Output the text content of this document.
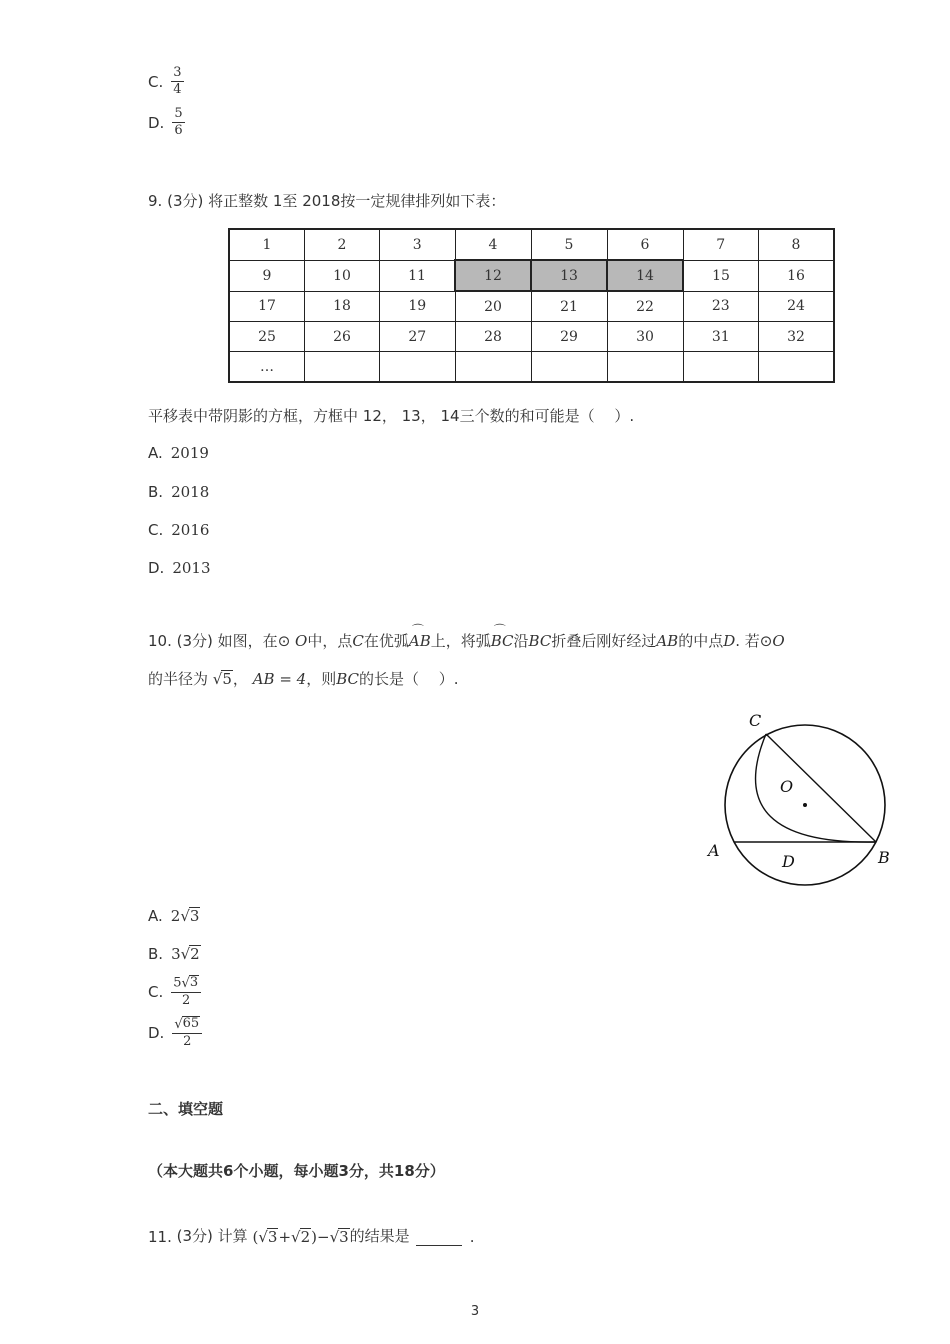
C. $\frac{3}{4}$
D. $\frac{5}{6}$
9. (3分) 将正整数 1至 2018按一定规律排列如下表：
1	2	3	4	5	6	7	8
9	10	11	12	13	14	15	16
17	18	19	20	21	22	23	24
25	26	27	28	29	30	31	32
…							
平移表中带阴影的方框，方框中 12， 13， 14三个数的和可能是（　 ）.
A. 2019
B. 2018
C. 2016
D. 2013
10. (3分) 如图，在⊙ O中，点C在优弧⌒ AB上，将弧⌒ BC沿BC折叠后刚好经过AB的中点D. 若⊙O
的半径为 √ 5 ， AB = 4，则BC的长是（　 ）.
C
O
A
D	B
A. 2 √ 3
B. 3 √ 2
C. $\frac{5 √ 3}{2}$
D. $\frac{√ 65}{2}$
二、填空题
（本大题共6个小题，每小题3分，共18分）
11.
(3分)
计算
( √ 3 + √ 2 ) − √ 3 的结果是	.
3
